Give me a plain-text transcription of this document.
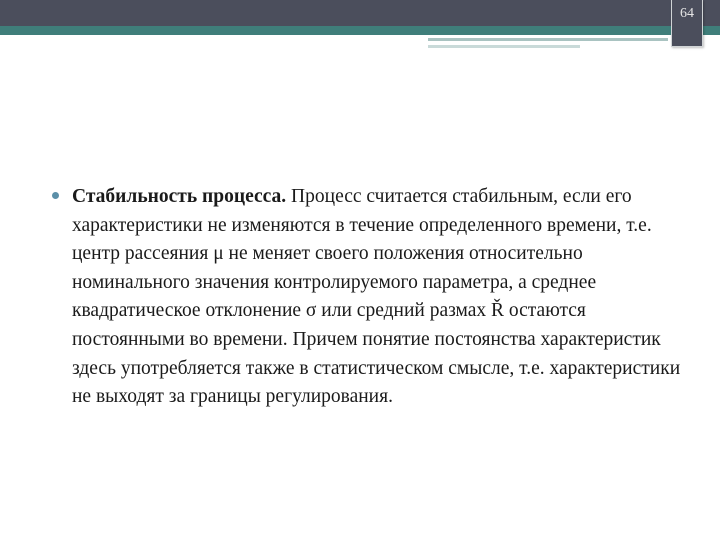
64
Стабильность процесса. Процесс считается стабильным, если его характеристики не изменяются в течение определенного времени, т.е. центр рассеяния μ не меняет своего положения относительно номинального значения контролируемого параметра, а среднее квадратическое отклонение σ или средний размах Ř остаются постоянными во времени. Причем понятие постоянства характеристик здесь употребляется также в статистическом смысле, т.е. характеристики не выходят за границы регулирования.
